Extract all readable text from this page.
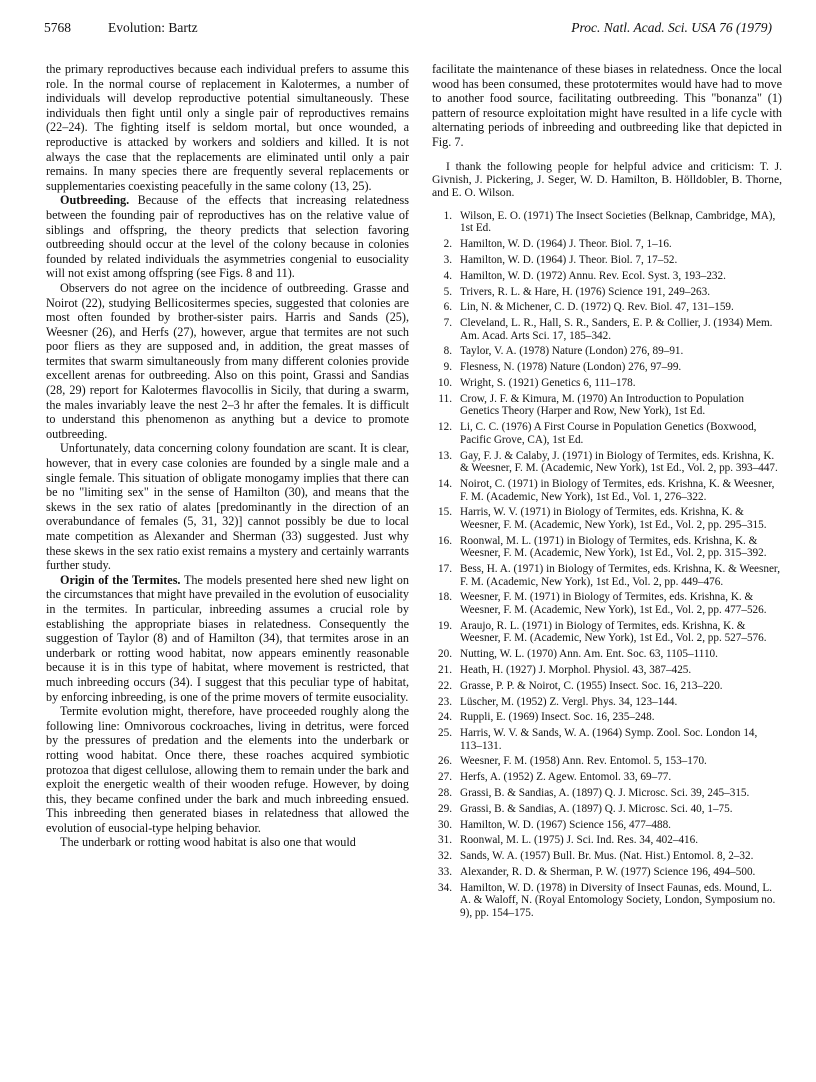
5768	Evolution: Bartz	Proc. Natl. Acad. Sci. USA 76 (1979)

the primary reproductives because each individual prefers to assume this role. In the normal course of replacement in Kalotermes, a number of individuals will develop reproductive potential simultaneously. These individuals then fight until only a single pair of reproductives remains (22–24). The fighting itself is seldom mortal, but once wounded, a reproductive is attacked by workers and soldiers and killed. It is not always the case that the replacements are eliminated until only a pair remains. In many species there are frequently several replacements or supplementaries coexisting peacefully in the same colony (13, 25).

Outbreeding. Because of the effects that increasing relatedness between the founding pair of reproductives has on the relative value of siblings and offspring, the theory predicts that selection favoring outbreeding should occur at the level of the colony because in colonies founded by related individuals the asymmetries congenial to eusociality will not exist among offspring (see Figs. 8 and 11).

Observers do not agree on the incidence of outbreeding. Grasse and Noirot (22), studying Bellicositermes species, suggested that colonies are most often founded by brother-sister pairs. Harris and Sands (25), Weesner (26), and Herfs (27), however, argue that termites are not such poor fliers as they are supposed and, in addition, the great masses of termites that swarm simultaneously from many different colonies provide excellent arenas for outbreeding. Also on this point, Grassi and Sandias (28, 29) report for Kalotermes flavocollis in Sicily, that during a swarm, the males invariably leave the nest 2–3 hr after the females. It is difficult to understand this phenomenon as anything but a device to promote outbreeding.

Unfortunately, data concerning colony foundation are scant. It is clear, however, that in every case colonies are founded by a single male and a single female. This situation of obligate monogamy implies that there can be no "limiting sex" in the sense of Hamilton (30), and means that the skews in the sex ratio of alates [predominantly in the direction of an overabundance of females (5, 31, 32)] cannot possibly be due to local mate competition as Alexander and Sherman (33) suggested. Just why these skews in the sex ratio exist remains a mystery and certainly warrants further study.

Origin of the Termites. The models presented here shed new light on the circumstances that might have prevailed in the evolution of eusociality in the termites. In particular, inbreeding assumes a crucial role by establishing the appropriate biases in relatedness. Consequently the suggestion of Taylor (8) and of Hamilton (34), that termites arose in an underbark or rotting wood habitat, now appears eminently reasonable because it is in this type of habitat, where movement is restricted, that much inbreeding occurs (34). I suggest that this peculiar type of habitat, by enforcing inbreeding, is one of the prime movers of termite eusociality.

Termite evolution might, therefore, have proceeded roughly along the following line: Omnivorous cockroaches, living in detritus, were forced by the pressures of predation and the elements into the underbark or rotting wood habitat. Once there, these roaches acquired symbiotic protozoa that digest cellulose, allowing them to remain under the bark and exploit the energetic wealth of their wooden refuge. However, by doing this, they became confined under the bark and much inbreeding ensued. This inbreeding then generated biases in relatedness that allowed the evolution of eusocial-type helping behavior.

The underbark or rotting wood habitat is also one that would

facilitate the maintenance of these biases in relatedness. Once the local wood has been consumed, these prototermites would have had to move to another food source, facilitating outbreeding. This "bonanza" (1) pattern of resource exploitation might have resulted in a life cycle with alternating periods of inbreeding and outbreeding like that depicted in Fig. 7.

I thank the following people for helpful advice and criticism: T. J. Givnish, J. Pickering, J. Seger, W. D. Hamilton, B. Hölldobler, B. Thorne, and E. O. Wilson.

1. Wilson, E. O. (1971) The Insect Societies (Belknap, Cambridge, MA), 1st Ed.
2. Hamilton, W. D. (1964) J. Theor. Biol. 7, 1–16.
3. Hamilton, W. D. (1964) J. Theor. Biol. 7, 17–52.
4. Hamilton, W. D. (1972) Annu. Rev. Ecol. Syst. 3, 193–232.
5. Trivers, R. L. & Hare, H. (1976) Science 191, 249–263.
6. Lin, N. & Michener, C. D. (1972) Q. Rev. Biol. 47, 131–159.
7. Cleveland, L. R., Hall, S. R., Sanders, E. P. & Collier, J. (1934) Mem. Am. Acad. Arts Sci. 17, 185–342.
8. Taylor, V. A. (1978) Nature (London) 276, 89–91.
9. Flesness, N. (1978) Nature (London) 276, 97–99.
10. Wright, S. (1921) Genetics 6, 111–178.
11. Crow, J. F. & Kimura, M. (1970) An Introduction to Population Genetics Theory (Harper and Row, New York), 1st Ed.
12. Li, C. C. (1976) A First Course in Population Genetics (Boxwood, Pacific Grove, CA), 1st Ed.
13. Gay, F. J. & Calaby, J. (1971) in Biology of Termites, eds. Krishna, K. & Weesner, F. M. (Academic, New York), 1st Ed., Vol. 2, pp. 393–447.
14. Noirot, C. (1971) in Biology of Termites, eds. Krishna, K. & Weesner, F. M. (Academic, New York), 1st Ed., Vol. 1, 276–322.
15. Harris, W. V. (1971) in Biology of Termites, eds. Krishna, K. & Weesner, F. M. (Academic, New York), 1st Ed., Vol. 2, pp. 295–315.
16. Roonwal, M. L. (1971) in Biology of Termites, eds. Krishna, K. & Weesner, F. M. (Academic, New York), 1st Ed., Vol. 2, pp. 315–392.
17. Bess, H. A. (1971) in Biology of Termites, eds. Krishna, K. & Weesner, F. M. (Academic, New York), 1st Ed., Vol. 2, pp. 449–476.
18. Weesner, F. M. (1971) in Biology of Termites, eds. Krishna, K. & Weesner, F. M. (Academic, New York), 1st Ed., Vol. 2, pp. 477–526.
19. Araujo, R. L. (1971) in Biology of Termites, eds. Krishna, K. & Weesner, F. M. (Academic, New York), 1st Ed., Vol. 2, pp. 527–576.
20. Nutting, W. L. (1970) Ann. Am. Ent. Soc. 63, 1105–1110.
21. Heath, H. (1927) J. Morphol. Physiol. 43, 387–425.
22. Grasse, P. P. & Noirot, C. (1955) Insect. Soc. 16, 213–220.
23. Lüscher, M. (1952) Z. Vergl. Phys. 34, 123–144.
24. Ruppli, E. (1969) Insect. Soc. 16, 235–248.
25. Harris, W. V. & Sands, W. A. (1964) Symp. Zool. Soc. London 14, 113–131.
26. Weesner, F. M. (1958) Ann. Rev. Entomol. 5, 153–170.
27. Herfs, A. (1952) Z. Agew. Entomol. 33, 69–77.
28. Grassi, B. & Sandias, A. (1897) Q. J. Microsc. Sci. 39, 245–315.
29. Grassi, B. & Sandias, A. (1897) Q. J. Microsc. Sci. 40, 1–75.
30. Hamilton, W. D. (1967) Science 156, 477–488.
31. Roonwal, M. L. (1975) J. Sci. Ind. Res. 34, 402–416.
32. Sands, W. A. (1957) Bull. Br. Mus. (Nat. Hist.) Entomol. 8, 2–32.
33. Alexander, R. D. & Sherman, P. W. (1977) Science 196, 494–500.
34. Hamilton, W. D. (1978) in Diversity of Insect Faunas, eds. Mound, L. A. & Waloff, N. (Royal Entomology Society, London, Symposium no. 9), pp. 154–175.
